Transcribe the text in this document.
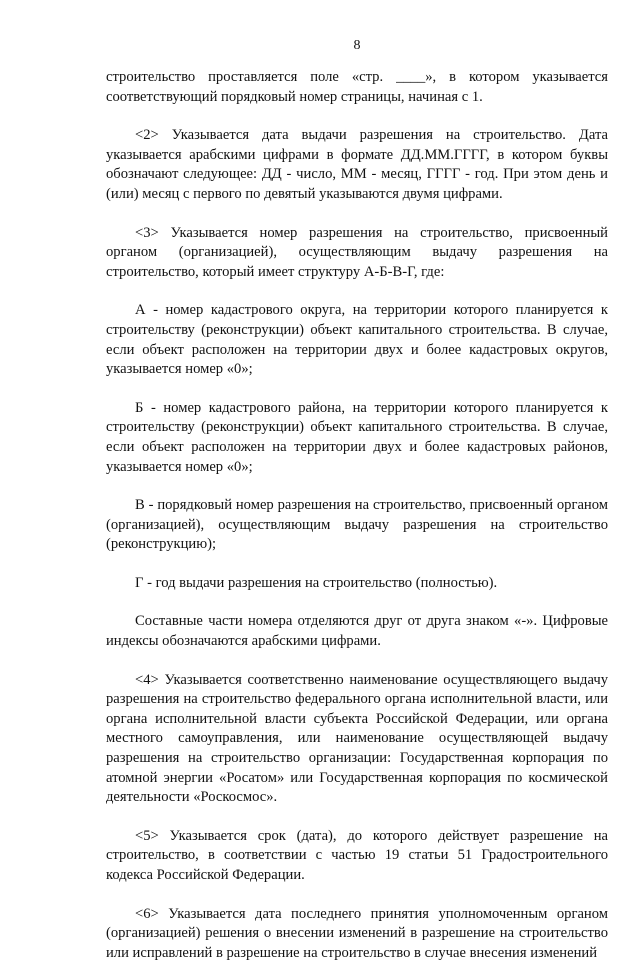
8

строительство проставляется поле «стр. ____», в котором указывается соответствующий порядковый номер страницы, начиная с 1.

<2> Указывается дата выдачи разрешения на строительство. Дата указывается арабскими цифрами в формате ДД.ММ.ГГГГ, в котором буквы обозначают следующее: ДД - число, ММ - месяц, ГГГГ - год. При этом день и (или) месяц с первого по девятый указываются двумя цифрами.

<3> Указывается номер разрешения на строительство, присвоенный органом (организацией), осуществляющим выдачу разрешения на строительство, который имеет структуру А-Б-В-Г, где:

А - номер кадастрового округа, на территории которого планируется к строительству (реконструкции) объект капитального строительства. В случае, если объект расположен на территории двух и более кадастровых округов, указывается номер «0»;

Б - номер кадастрового района, на территории которого планируется к строительству (реконструкции) объект капитального строительства. В случае, если объект расположен на территории двух и более кадастровых районов, указывается номер «0»;

В - порядковый номер разрешения на строительство, присвоенный органом (организацией), осуществляющим выдачу разрешения на строительство (реконструкцию);

Г - год выдачи разрешения на строительство (полностью).

Составные части номера отделяются друг от друга знаком «-». Цифровые индексы обозначаются арабскими цифрами.

<4> Указывается соответственно наименование осуществляющего выдачу разрешения на строительство федерального органа исполнительной власти, или органа исполнительной власти субъекта Российской Федерации, или органа местного самоуправления, или наименование осуществляющей выдачу разрешения на строительство организации: Государственная корпорация по атомной энергии «Росатом» или Государственная корпорация по космической деятельности «Роскосмос».

<5> Указывается срок (дата), до которого действует разрешение на строительство, в соответствии с частью 19 статьи 51 Градостроительного кодекса Российской Федерации.

<6> Указывается дата последнего принятия уполномоченным органом (организацией) решения о внесении изменений в разрешение на строительство или исправлений в разрешение на строительство в случае внесения изменений
